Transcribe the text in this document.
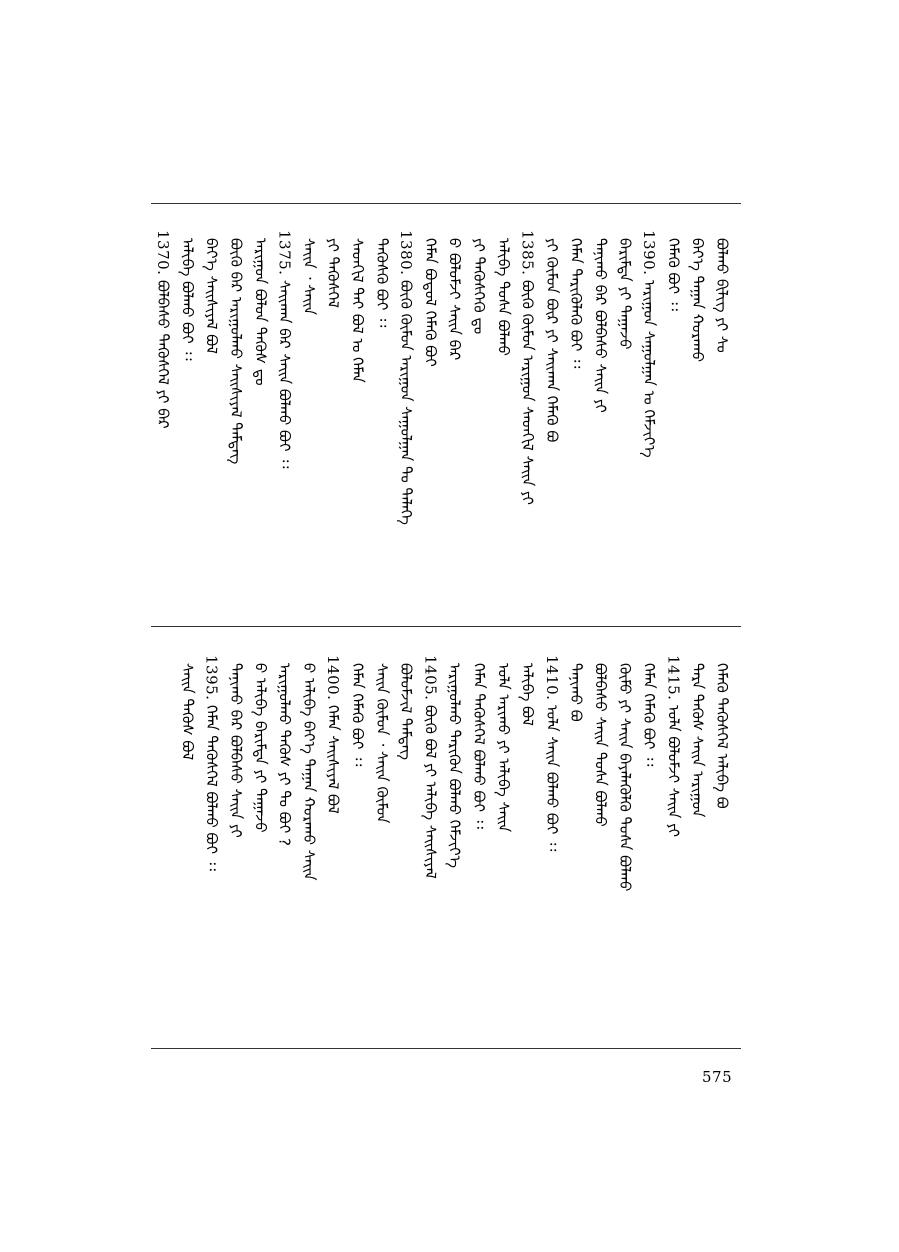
ᠪᠣᠯᠬᠤ ᠪᠢᠯᠢᠭ ᠶᠢ ᠰᠣ
ᠪᠡᠶ᠎ᠡ ᠳᠠᠭᠠᠨ ᠬᠤᠷᠠᠬᠤ
ᠬᠡᠮᠡᠬᠦ ᠪᠣᠢ ᠄᠄
1390.
ᠠᠷᠢᠭᠤᠨ ᠰᠠᠭᠤᠯᠭᠠᠨ ᠤ ᠬᠡᠮᠵᠢᠶ᠎ᠡ
ᠪᠠᠷᠢᠮᠲᠠ ᠶᠢ ᠳᠠᠭᠠᠵᠤ
ᠲᠠᠨᠢᠬᠤ ᠪᠠᠷ ᠪᠣᠯᠪᠠᠰᠤ ᠰᠠᠢᠨ ᠶᠢ
ᠬᠡᠮᠡᠨ ᠲᠡᠷᠢᠭᠦᠯᠡᠬᠦ ᠪᠣᠢ ᠄᠄
ᠶᠢ ᠬᠦᠮᠦᠨ ᠪᠦᠷ ᠶᠢ ᠰᠠᠢᠬᠠᠨ ᠬᠡᠮᠡᠬᠦ ᠪᠣ
1385.
ᠪᠦᠬᠦ ᠬᠦᠮᠦᠨ ᠠᠷᠢᠭᠤᠨ ᠰᠡᠳᠬᠢᠯ ᠰᠠᠢᠨ ᠶᠢ
ᠠᠯᠢᠪᠠ ᠲᠤᠰᠠ ᠪᠣᠯᠬᠤ
ᠶᠢ ᠲᠡᠭᠦᠰᠬᠡᠬᠦ ᠳᠤ
ᠪ ᠪᠣᠯᠤᠮᠵᠢ ᠰᠠᠢᠨ ᠪᠡᠷ
ᠬᠡᠮᠡᠨ ᠪᠣᠳᠤᠯ ᠬᠡᠮᠡᠬᠦ ᠪᠣᠢ
1380.
ᠪᠦᠬᠦ ᠬᠦᠮᠦᠨ ᠠᠷᠢᠭᠤᠨ ᠰᠠᠭᠤᠯᠭᠠᠨ ᠲᠤ ᠲᠡᠯᠡᠭᠡ
ᠲᠡᠭᠦᠰᠬᠦ ᠪᠣᠢ ᠄᠄
ᠰᠡᠳᠬᠢᠯ ᠲᠠᠢ ᠪᠣᠯ ᠤ ᠬᠡᠮᠡᠨ
ᠶᠢ ᠲᠡᠭᠦᠰᠬᠡᠯ
ᠰᠠᠢᠨ ᠂ ᠰᠠᠢᠨ
1375.
ᠰᠠᠢᠬᠠᠨ ᠪᠡᠷ ᠰᠠᠢᠨ ᠪᠣᠯᠬᠤ ᠪᠣᠢ ᠄᠄
ᠠᠷᠢᠭᠤᠨ ᠪᠣᠯᠤᠨ ᠲᠡᠭᠦᠰ ᠳᠤ
ᠪᠦᠬᠦ ᠪᠡᠷ ᠠᠷᠢᠭᠤᠯᠬᠤ ᠰᠠᠢᠰᠢᠶᠠᠯ ᠲᠡᠮᠳᠡᠭ
ᠪᠡᠶ᠎ᠡ ᠰᠠᠢᠰᠢᠶᠠᠯ ᠪᠣᠯ
ᠠᠯᠢᠪᠠ ᠪᠣᠯᠬᠤ ᠪᠣᠢ ᠄᠄
1370.
ᠪᠣᠯᠪᠠᠰᠤ ᠲᠡᠭᠦᠰᠬᠡᠯ ᠶᠢ ᠪᠡᠷ
ᠬᠡᠮᠡᠬᠦ ᠲᠡᠭᠦᠰᠬᠡᠯ ᠠᠯᠢᠪᠠ ᠪᠣ
ᠲᠡᠷᠡ ᠲᠡᠭᠦᠰ ᠰᠠᠢᠨ ᠠᠷᠢᠭᠤᠨ
1415.
ᠤᠯᠠ ᠪᠣᠯᠤᠮᠵᠢ ᠰᠠᠢᠨ ᠶᠢ
ᠬᠡᠮᠡᠨ ᠬᠡᠮᠡᠬᠦ ᠪᠣᠢ ᠄᠄
ᠬᠦᠮᠦ ᠶᠢ ᠰᠠᠢᠨ ᠪᠡᠶᠡᠯᠡᠭᠦᠯᠬᠦ ᠲᠤᠰᠠ ᠪᠣᠯᠬᠤ
ᠪᠣᠯᠪᠠᠰᠤ ᠰᠠᠢᠨ ᠲᠤᠰᠠ ᠪᠣᠯᠬᠤ
ᠲᠠᠨᠢᠬᠤ ᠪᠣ
1410.
ᠤᠯᠠ ᠰᠠᠢᠨ ᠪᠣᠯᠬᠤ ᠪᠣᠢ ᠄᠄
ᠠᠯᠢᠪᠠ ᠪᠣᠯ
ᠤᠯᠠ ᠠᠷᠢᠬᠤ ᠶᠢ ᠠᠯᠢᠪᠠ ᠰᠠᠢᠨ
ᠬᠡᠮᠡᠨ ᠲᠡᠭᠦᠰᠬᠡᠯ ᠪᠣᠯᠬᠤ ᠪᠣᠢ ᠄᠄
ᠠᠷᠢᠭᠤᠯᠬᠤ ᠲᠡᠷᠢᠭᠦᠨ ᠪᠣᠯᠬᠤ ᠬᠡᠮᠵᠢᠶ᠎ᠡ
1405.
ᠪᠦᠬᠦ ᠪᠣᠯ ᠶᠢ ᠠᠯᠢᠪᠠ ᠰᠠᠢᠰᠢᠶᠠᠯ
ᠪᠣᠯᠤᠮᠵᠢᠯ ᠲᠡᠮᠳᠡᠭ
ᠰᠠᠢᠨ ᠬᠦᠮᠦᠨ ᠂ ᠰᠠᠢᠨ ᠬᠦᠮᠦᠨ
ᠬᠡᠮᠡᠨ ᠬᠡᠮᠡᠬᠦ ᠪᠣᠢ ᠄᠄
1400.
ᠬᠡᠮᠡᠨ ᠰᠠᠢᠰᠢᠶᠠᠯ ᠪᠣᠯ
ᠪ ᠠᠯᠢᠪᠠ ᠪᠡᠶ᠎ᠡ ᠳᠠᠭᠠᠨ ᠬᠤᠷᠠᠬᠤ ᠰᠠᠢᠨ
ᠠᠷᠢᠭᠤᠯᠬᠤ ᠲᠡᠭᠦᠰ ᠶᠢ ᠲᠤ ᠪᠣᠢ ?
ᠪ ᠠᠯᠢᠪᠠ ᠪᠠᠷᠢᠮᠲᠠ ᠶᠢ ᠳᠠᠭᠠᠵᠤ
ᠲᠠᠨᠢᠬᠤ ᠪᠠᠷ ᠪᠣᠯᠪᠠᠰᠤ ᠰᠠᠢᠨ ᠶᠢ
1395.
ᠬᠡᠮᠡᠨ ᠲᠡᠭᠦᠰᠬᠡᠯ ᠪᠣᠯᠬᠤ ᠪᠣᠢ ᠄᠄
ᠰᠠᠢᠨ ᠲᠡᠭᠦᠰ ᠪᠣᠯ
575
